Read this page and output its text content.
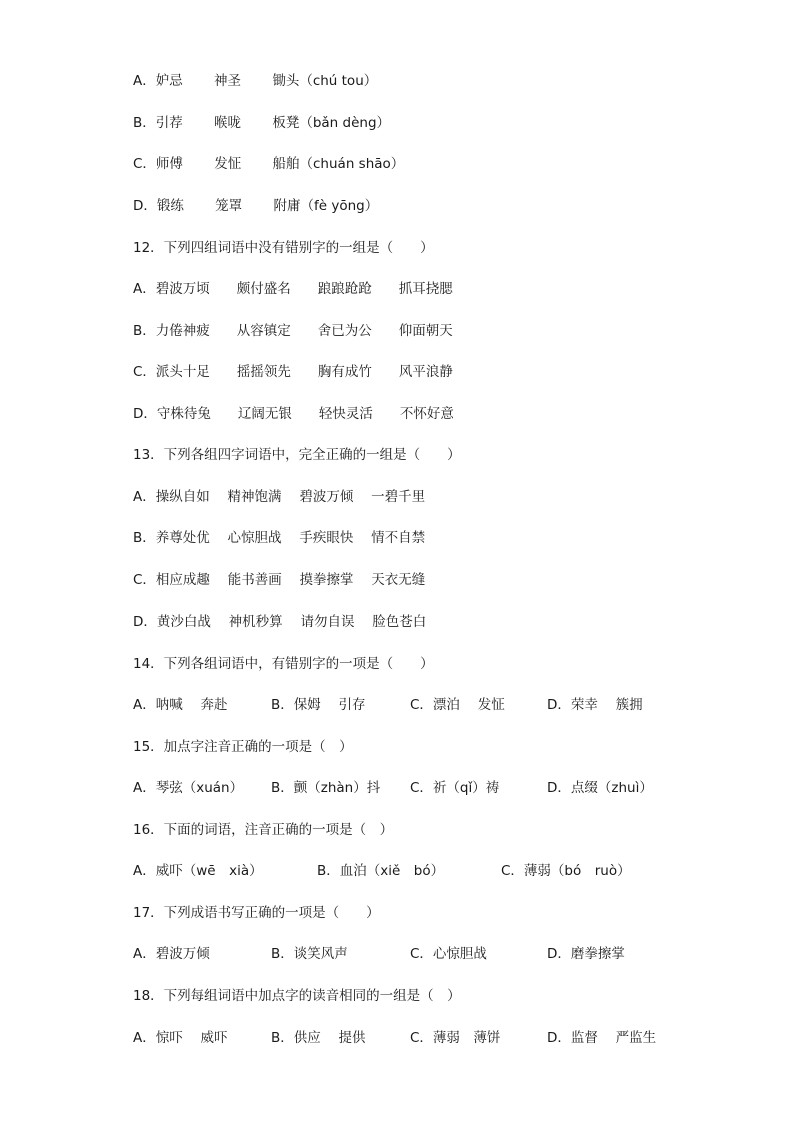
A．妒忌　　 神圣　　 锄头（chú tou）
B．引荐　　 喉咙　　 板凳（bǎn dèng）
C．师傅　　 发怔　　 船舶（chuán shāo）
D．锻练　　 笼罩　　 附庸（fè yōng）
12．下列四组词语中没有错别字的一组是（　　）
A．碧波万顷　　颇付盛名　　踉踉跄跄　　抓耳挠腮
B．力倦神疲　　从容镇定　　舍已为公　　仰面朝天
C．派头十足　　摇摇领先　　胸有成竹　　风平浪静
D．守株待兔　　辽阔无银　　轻快灵活　　不怀好意
13．下列各组四字词语中，完全正确的一组是（　　）
A．操纵自如　 精神饱满　 碧波万倾　 一碧千里
B．养尊处优　 心惊胆战　 手疾眼快　 情不自禁
C．相应成趣　 能书善画　 摸拳擦掌　 天衣无缝
D．黄沙白战　 神机秒算　 请勿自误　 脸色苍白
14．下列各组词语中，有错别字的一项是（　　）
A．呐喊　 奔赴	B．保姆　 引存	C．漂泊　 发怔	D．荣幸　 簇拥
15．加点字注音正确的一项是（　）
A．琴弦（xuán） B．颤（zhàn）抖 C．祈（qǐ）祷	D．点缀（zhuì）
16．下面的词语，注音正确的一项是（　）
A．威吓（wē　xià）	B．血泊（xiě　bó）	C．薄弱（bó　ruò）
17．下列成语书写正确的一项是（　　）
A．碧波万倾	B．谈笑风声	C．心惊胆战	D．磨拳擦掌
18．下列每组词语中加点字的读音相同的一组是（　）
A．惊吓　 威吓	B．供应　 提供	C．薄弱　薄饼	D．监督　 严监生
